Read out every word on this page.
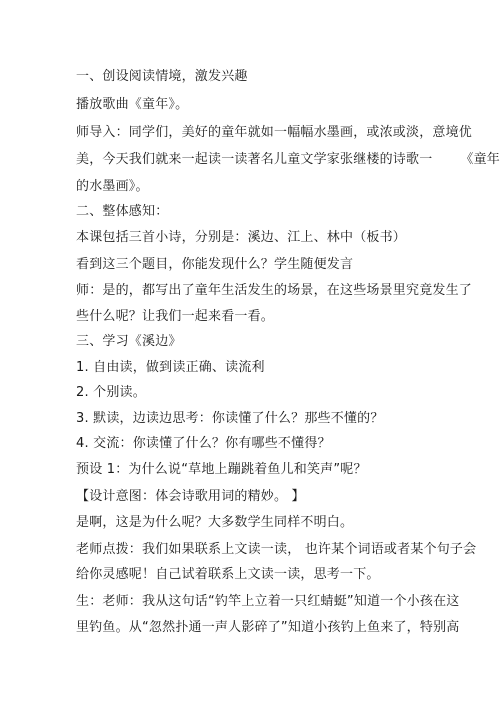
一、创设阅读情境，激发兴趣
播放歌曲《童年》。
师导入：同学们，美好的童年就如一幅幅水墨画，或浓或淡，意境优
美，今天我们就来一起读一读著名儿童文学家张继楼的诗歌一 《童年
的水墨画》。
二、整体感知：
本课包括三首小诗，分别是：溪边、江上、林中（板书）
看到这三个题目，你能发现什么？学生随便发言
师：是的，都写出了童年生活发生的场景，在这些场景里究竟发生了
些什么呢？让我们一起来看一看。
三、学习《溪边》
1. 自由读，做到读正确、读流利
2. 个别读。
3. 默读，边读边思考：你读懂了什么？那些不懂的？
4. 交流：你读懂了什么？你有哪些不懂得？
预设 1：为什么说“草地上蹦跳着鱼儿和笑声”呢？
【设计意图：体会诗歌用词的精妙。 】
是啊，这是为什么呢？大多数学生同样不明白。
老师点拨：我们如果联系上文读一读， 也许某个词语或者某个句子会
给你灵感呢！自己试着联系上文读一读，思考一下。
生：老师：我从这句话“钓竿上立着一只红蜻蜓”知道一个小孩在这
里钓鱼。从“忽然扑通一声人影碎了”知道小孩钓上鱼来了，特别高
